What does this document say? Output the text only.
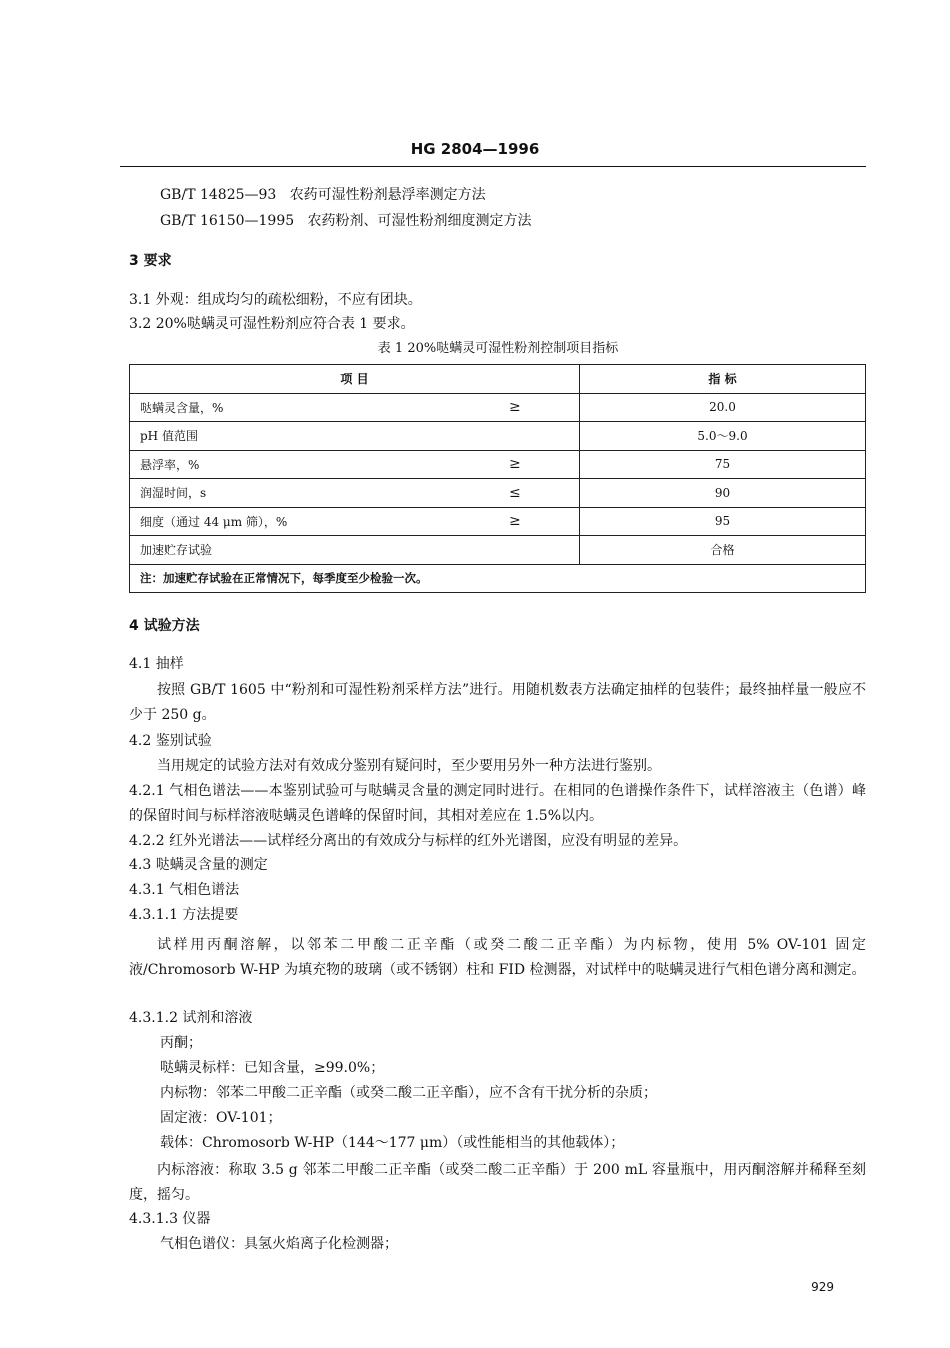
HG 2804—1996
GB/T 14825—93 农药可湿性粉剂悬浮率测定方法
GB/T 16150—1995 农药粉剂、可湿性粉剂细度测定方法
3 要求
3.1 外观：组成均匀的疏松细粉，不应有团块。
3.2 20%哒螨灵可湿性粉剂应符合表 1 要求。
表 1 20%哒螨灵可湿性粉剂控制项目指标
项 目		指 标
哒螨灵含量，%	≥	20.0
pH 值范围		5.0～9.0
悬浮率，%	≥	75
润湿时间，s	≤	90
细度（通过 44 μm 筛），%	≥	95
加速贮存试验		合格
注：加速贮存试验在正常情况下，每季度至少检验一次。		
4 试验方法
4.1 抽样
按照 GB/T 1605 中“粉剂和可湿性粉剂采样方法”进行。用随机数表方法确定抽样的包装件；最终抽样量一般应不少于 250 g。
4.2 鉴别试验
当用规定的试验方法对有效成分鉴别有疑问时，至少要用另外一种方法进行鉴别。
4.2.1 气相色谱法——本鉴别试验可与哒螨灵含量的测定同时进行。在相同的色谱操作条件下，试样溶液主（色谱）峰的保留时间与标样溶液哒螨灵色谱峰的保留时间，其相对差应在 1.5%以内。
4.2.2 红外光谱法——试样经分离出的有效成分与标样的红外光谱图，应没有明显的差异。
4.3 哒螨灵含量的测定
4.3.1 气相色谱法
4.3.1.1 方法提要
试样用丙酮溶解，以邻苯二甲酸二正辛酯（或癸二酸二正辛酯）为内标物，使用 5% OV-101 固定液/Chromosorb W-HP 为填充物的玻璃（或不锈钢）柱和 FID 检测器，对试样中的哒螨灵进行气相色谱分离和测定。
4.3.1.2 试剂和溶液
丙酮；
哒螨灵标样：已知含量，≥99.0%；
内标物：邻苯二甲酸二正辛酯（或癸二酸二正辛酯），应不含有干扰分析的杂质；
固定液：OV-101；
载体：Chromosorb W-HP（144～177 μm）（或性能相当的其他载体）；
内标溶液：称取 3.5 g 邻苯二甲酸二正辛酯（或癸二酸二正辛酯）于 200 mL 容量瓶中，用丙酮溶解并稀释至刻度，摇匀。
4.3.1.3 仪器
气相色谱仪：具氢火焰离子化检测器；
929
